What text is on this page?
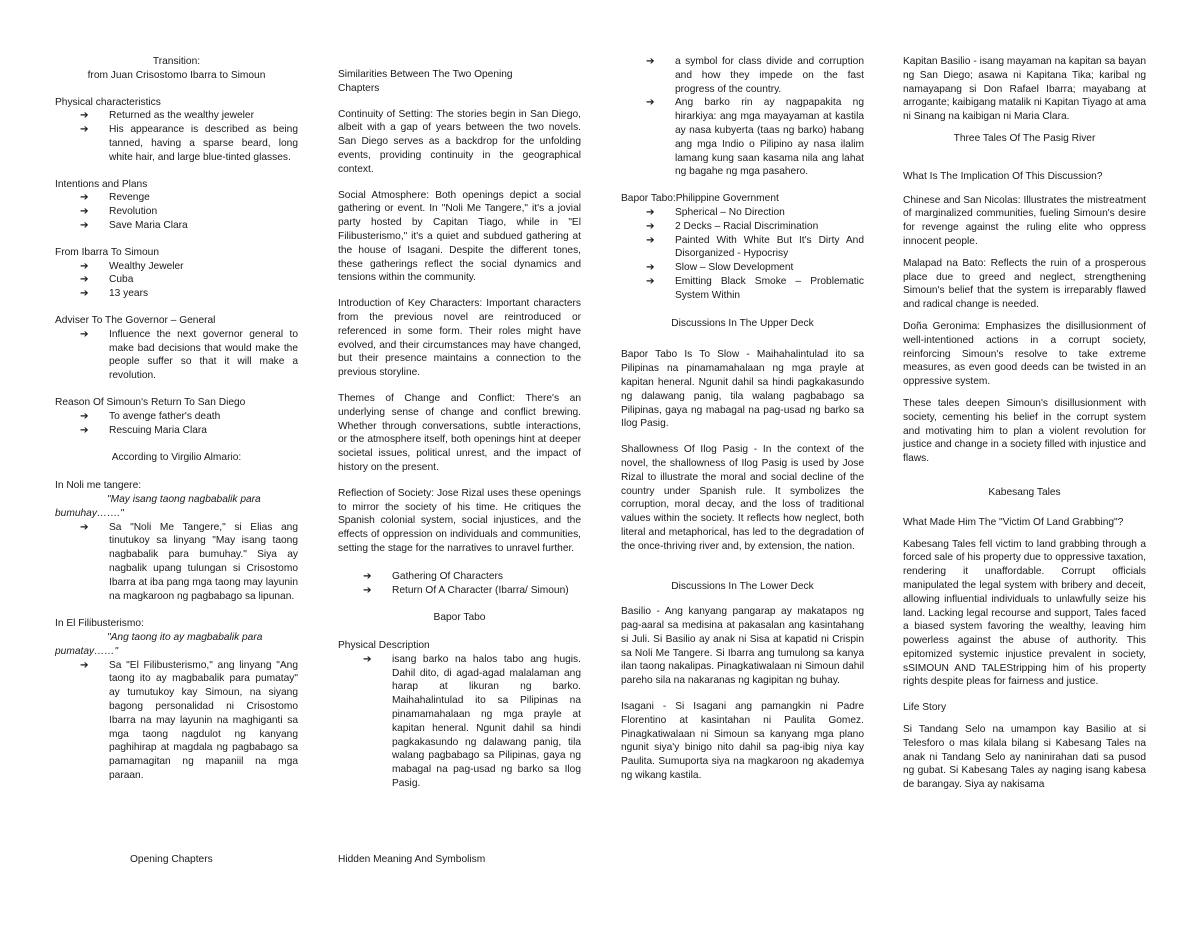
Transition:

from Juan Crisostomo Ibarra to Simoun

Physical characteristics

➔ Returned as the wealthy jeweler
➔ His appearance is described as being tanned, having a sparse beard, long white hair, and large blue-tinted glasses.

Intentions and Plans

➔ Revenge
➔ Revolution
➔ Save Maria Clara

From Ibarra To Simoun

➔ Wealthy Jeweler
➔ Cuba
➔ 13 years

Adviser To The Governor – General

➔ Influence the next governor general to make bad decisions that would make the people suffer so that it will make a revolution.

Reason Of Simoun's Return To San Diego

➔ To avenge father's death
➔ Rescuing Maria Clara

According to Virgilio Almario:

In Noli me tangere:

"May isang taong nagbabalik para bumuhay……."

➔ Sa "Noli Me Tangere," si Elias ang tinutukoy sa linyang "May isang taong nagbabalik para bumuhay." Siya ay nagbalik upang tulungan si Crisostomo Ibarra at iba pang mga taong may layunin na magkaroon ng pagbabago sa lipunan.

In El Filibusterismo:

"Ang taong ito ay magbabalik para pumatay……"

➔ Sa "El Filibusterismo," ang linyang "Ang taong ito ay magbabalik para pumatay" ay tumutukoy kay Simoun, na siyang bagong personalidad ni Crisostomo Ibarra na may layunin na maghiganti sa mga taong nagdulot ng kanyang paghihirap at magdala ng pagbabago sa pamamagitan ng mapaniil na mga paraan.

Opening Chapters

Similarities Between The Two Opening

Chapters

Continuity of Setting: The stories begin in San Diego, albeit with a gap of years between the two novels. San Diego serves as a backdrop for the unfolding events, providing continuity in the geographical context.

Social Atmosphere: Both openings depict a social gathering or event. In "Noli Me Tangere," it's a jovial party hosted by Capitan Tiago, while in "El Filibusterismo," it's a quiet and subdued gathering at the house of Isagani. Despite the different tones, these gatherings reflect the social dynamics and tensions within the community.

Introduction of Key Characters: Important characters from the previous novel are reintroduced or referenced in some form. Their roles might have evolved, and their circumstances may have changed, but their presence maintains a connection to the previous storyline.

Themes of Change and Conflict: There's an underlying sense of change and conflict brewing. Whether through conversations, subtle interactions, or the atmosphere itself, both openings hint at deeper societal issues, political unrest, and the impact of history on the present.

Reflection of Society: Jose Rizal uses these openings to mirror the society of his time. He critiques the Spanish colonial system, social injustices, and the effects of oppression on individuals and communities, setting the stage for the narratives to unravel further.

➔ Gathering Of Characters
➔ Return Of A Character (Ibarra/ Simoun)

Bapor Tabo

Physical Description

➔ isang barko na halos tabo ang hugis. Dahil dito, di agad-agad malalaman ang harap at likuran ng barko. Maihahalintulad ito sa Pilipinas na pinamamahalaan ng mga prayle at kapitan heneral. Ngunit dahil sa hindi pagkakasundo ng dalawang panig, tila walang pagbabago sa Pilipinas, gaya ng mabagal na pag-usad ng barko sa Ilog Pasig.

Hidden Meaning And Symbolism

➔ a symbol for class divide and corruption and how they impede on the fast progress of the country.
➔ Ang barko rin ay nagpapakita ng hirarkiya: ang mga mayayaman at kastila ay nasa kubyerta (taas ng barko) habang ang mga Indio o Pilipino ay nasa ilalim lamang kung saan kasama nila ang lahat ng bagahe ng mga pasahero.

Bapor Tabo:Philippine Government

➔ Spherical – No Direction
➔ 2 Decks – Racial Discrimination
➔ Painted With White But It's Dirty And Disorganized - Hypocrisy
➔ Slow – Slow Development
➔ Emitting Black Smoke – Problematic System Within

Discussions In The Upper Deck

Bapor Tabo Is To Slow - Maihahalintulad ito sa Pilipinas na pinamamahalaan ng mga prayle at kapitan heneral. Ngunit dahil sa hindi pagkakasundo ng dalawang panig, tila walang pagbabago sa Pilipinas, gaya ng mabagal na pag-usad ng barko sa Ilog Pasig.

Shallowness Of Ilog Pasig - In the context of the novel, the shallowness of Ilog Pasig is used by Jose Rizal to illustrate the moral and social decline of the country under Spanish rule. It symbolizes the corruption, moral decay, and the loss of traditional values within the society. It reflects how neglect, both literal and metaphorical, has led to the degradation of the once-thriving river and, by extension, the nation.

Discussions In The Lower Deck

Basilio - Ang kanyang pangarap ay makatapos ng pag-aaral sa medisina at pakasalan ang kasintahang si Juli. Si Basilio ay anak ni Sisa at kapatid ni Crispin sa Noli Me Tangere. Si Ibarra ang tumulong sa kanya ilan taong nakalipas. Pinagkatiwalaan ni Simoun dahil pareho sila na nakaranas ng kagipitan ng buhay.

Isagani - Si Isagani ang pamangkin ni Padre Florentino at kasintahan ni Paulita Gomez. Pinagkatiwalaan ni Simoun sa kanyang mga plano ngunit siya'y binigo nito dahil sa pag-ibig niya kay Paulita. Sumuporta siya na magkaroon ng akademya ng wikang kastila.

Kapitan Basilio - isang mayaman na kapitan sa bayan ng San Diego; asawa ni Kapitana Tika; karibal ng namayapang si Don Rafael Ibarra; mayabang at arrogante; kaibigang matalik ni Kapitan Tiyago at ama ni Sinang na kaibigan ni Maria Clara.

Three Tales Of The Pasig River

What Is The Implication Of This Discussion?

Chinese and San Nicolas: Illustrates the mistreatment of marginalized communities, fueling Simoun's desire for revenge against the ruling elite who oppress innocent people.

Malapad na Bato: Reflects the ruin of a prosperous place due to greed and neglect, strengthening Simoun's belief that the system is irreparably flawed and radical change is needed.

Doña Geronima: Emphasizes the disillusionment of well-intentioned actions in a corrupt society, reinforcing Simoun's resolve to take extreme measures, as even good deeds can be twisted in an oppressive system.

These tales deepen Simoun's disillusionment with society, cementing his belief in the corrupt system and motivating him to plan a violent revolution for justice and change in a society filled with injustice and flaws.

Kabesang Tales

What Made Him The "Victim Of Land Grabbing"?

Kabesang Tales fell victim to land grabbing through a forced sale of his property due to oppressive taxation, rendering it unaffordable. Corrupt officials manipulated the legal system with bribery and deceit, allowing influential individuals to unlawfully seize his land. Lacking legal recourse and support, Tales faced a biased system favoring the wealthy, leaving him powerless against the abuse of authority. This epitomized systemic injustice prevalent in society, sSIMOUN AND TALEStripping him of his property rights despite pleas for fairness and justice.

Life Story

Si Tandang Selo na umampon kay Basilio at si Telesforo o mas kilala bilang si Kabesang Tales na anak ni Tandang Selo ay naninirahan dati sa pusod ng gubat. Si Kabesang Tales ay naging isang kabesa de barangay. Siya ay nakisama
